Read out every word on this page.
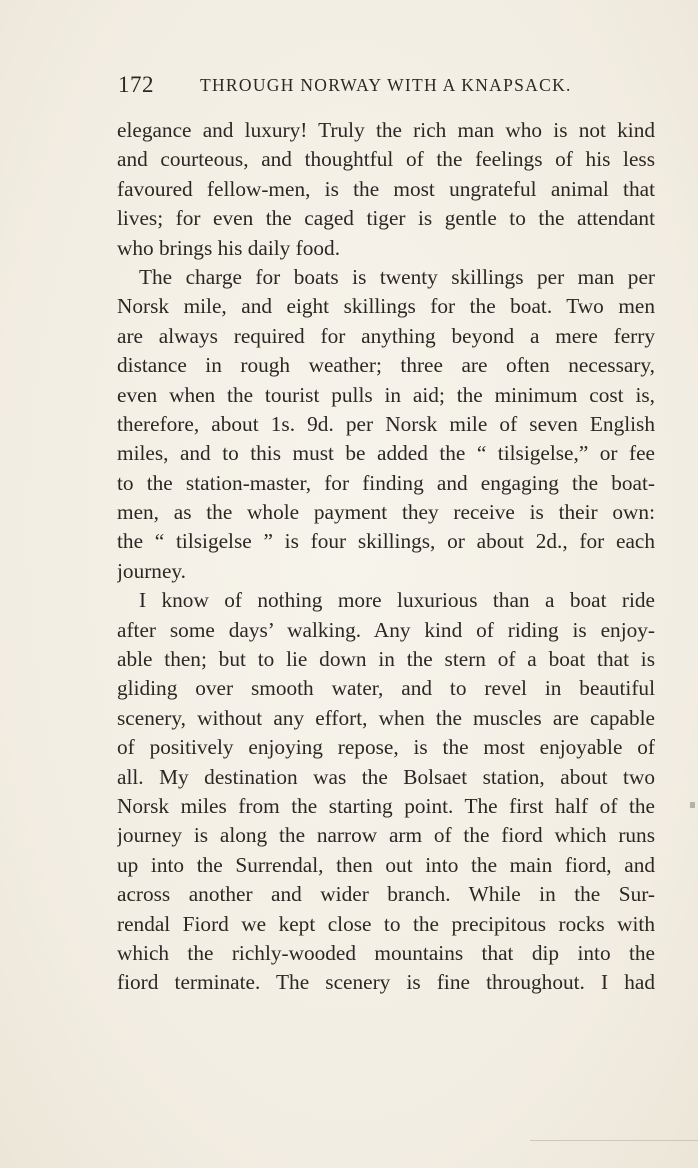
172	THROUGH NORWAY WITH A KNAPSACK.
elegance and luxury! Truly the rich man who is not kind
and courteous, and thoughtful of the feelings of his less
favoured fellow-men, is the most ungrateful animal that
lives; for even the caged tiger is gentle to the attendant
who brings his daily food.
The charge for boats is twenty skillings per man per
Norsk mile, and eight skillings for the boat. Two men
are always required for anything beyond a mere ferry
distance in rough weather; three are often necessary,
even when the tourist pulls in aid; the minimum cost is,
therefore, about 1s. 9d. per Norsk mile of seven English
miles, and to this must be added the “ tilsigelse,” or fee
to the station-master, for finding and engaging the boat-
men, as the whole payment they receive is their own:
the “ tilsigelse ” is four skillings, or about 2d., for each
journey.
I know of nothing more luxurious than a boat ride
after some days’ walking. Any kind of riding is enjoy-
able then; but to lie down in the stern of a boat that is
gliding over smooth water, and to revel in beautiful
scenery, without any effort, when the muscles are capable
of positively enjoying repose, is the most enjoyable of
all. My destination was the Bolsaet station, about two
Norsk miles from the starting point. The first half of the
journey is along the narrow arm of the fiord which runs
up into the Surrendal, then out into the main fiord, and
across another and wider branch. While in the Sur-
rendal Fiord we kept close to the precipitous rocks with
which the richly-wooded mountains that dip into the
fiord terminate. The scenery is fine throughout. I had
